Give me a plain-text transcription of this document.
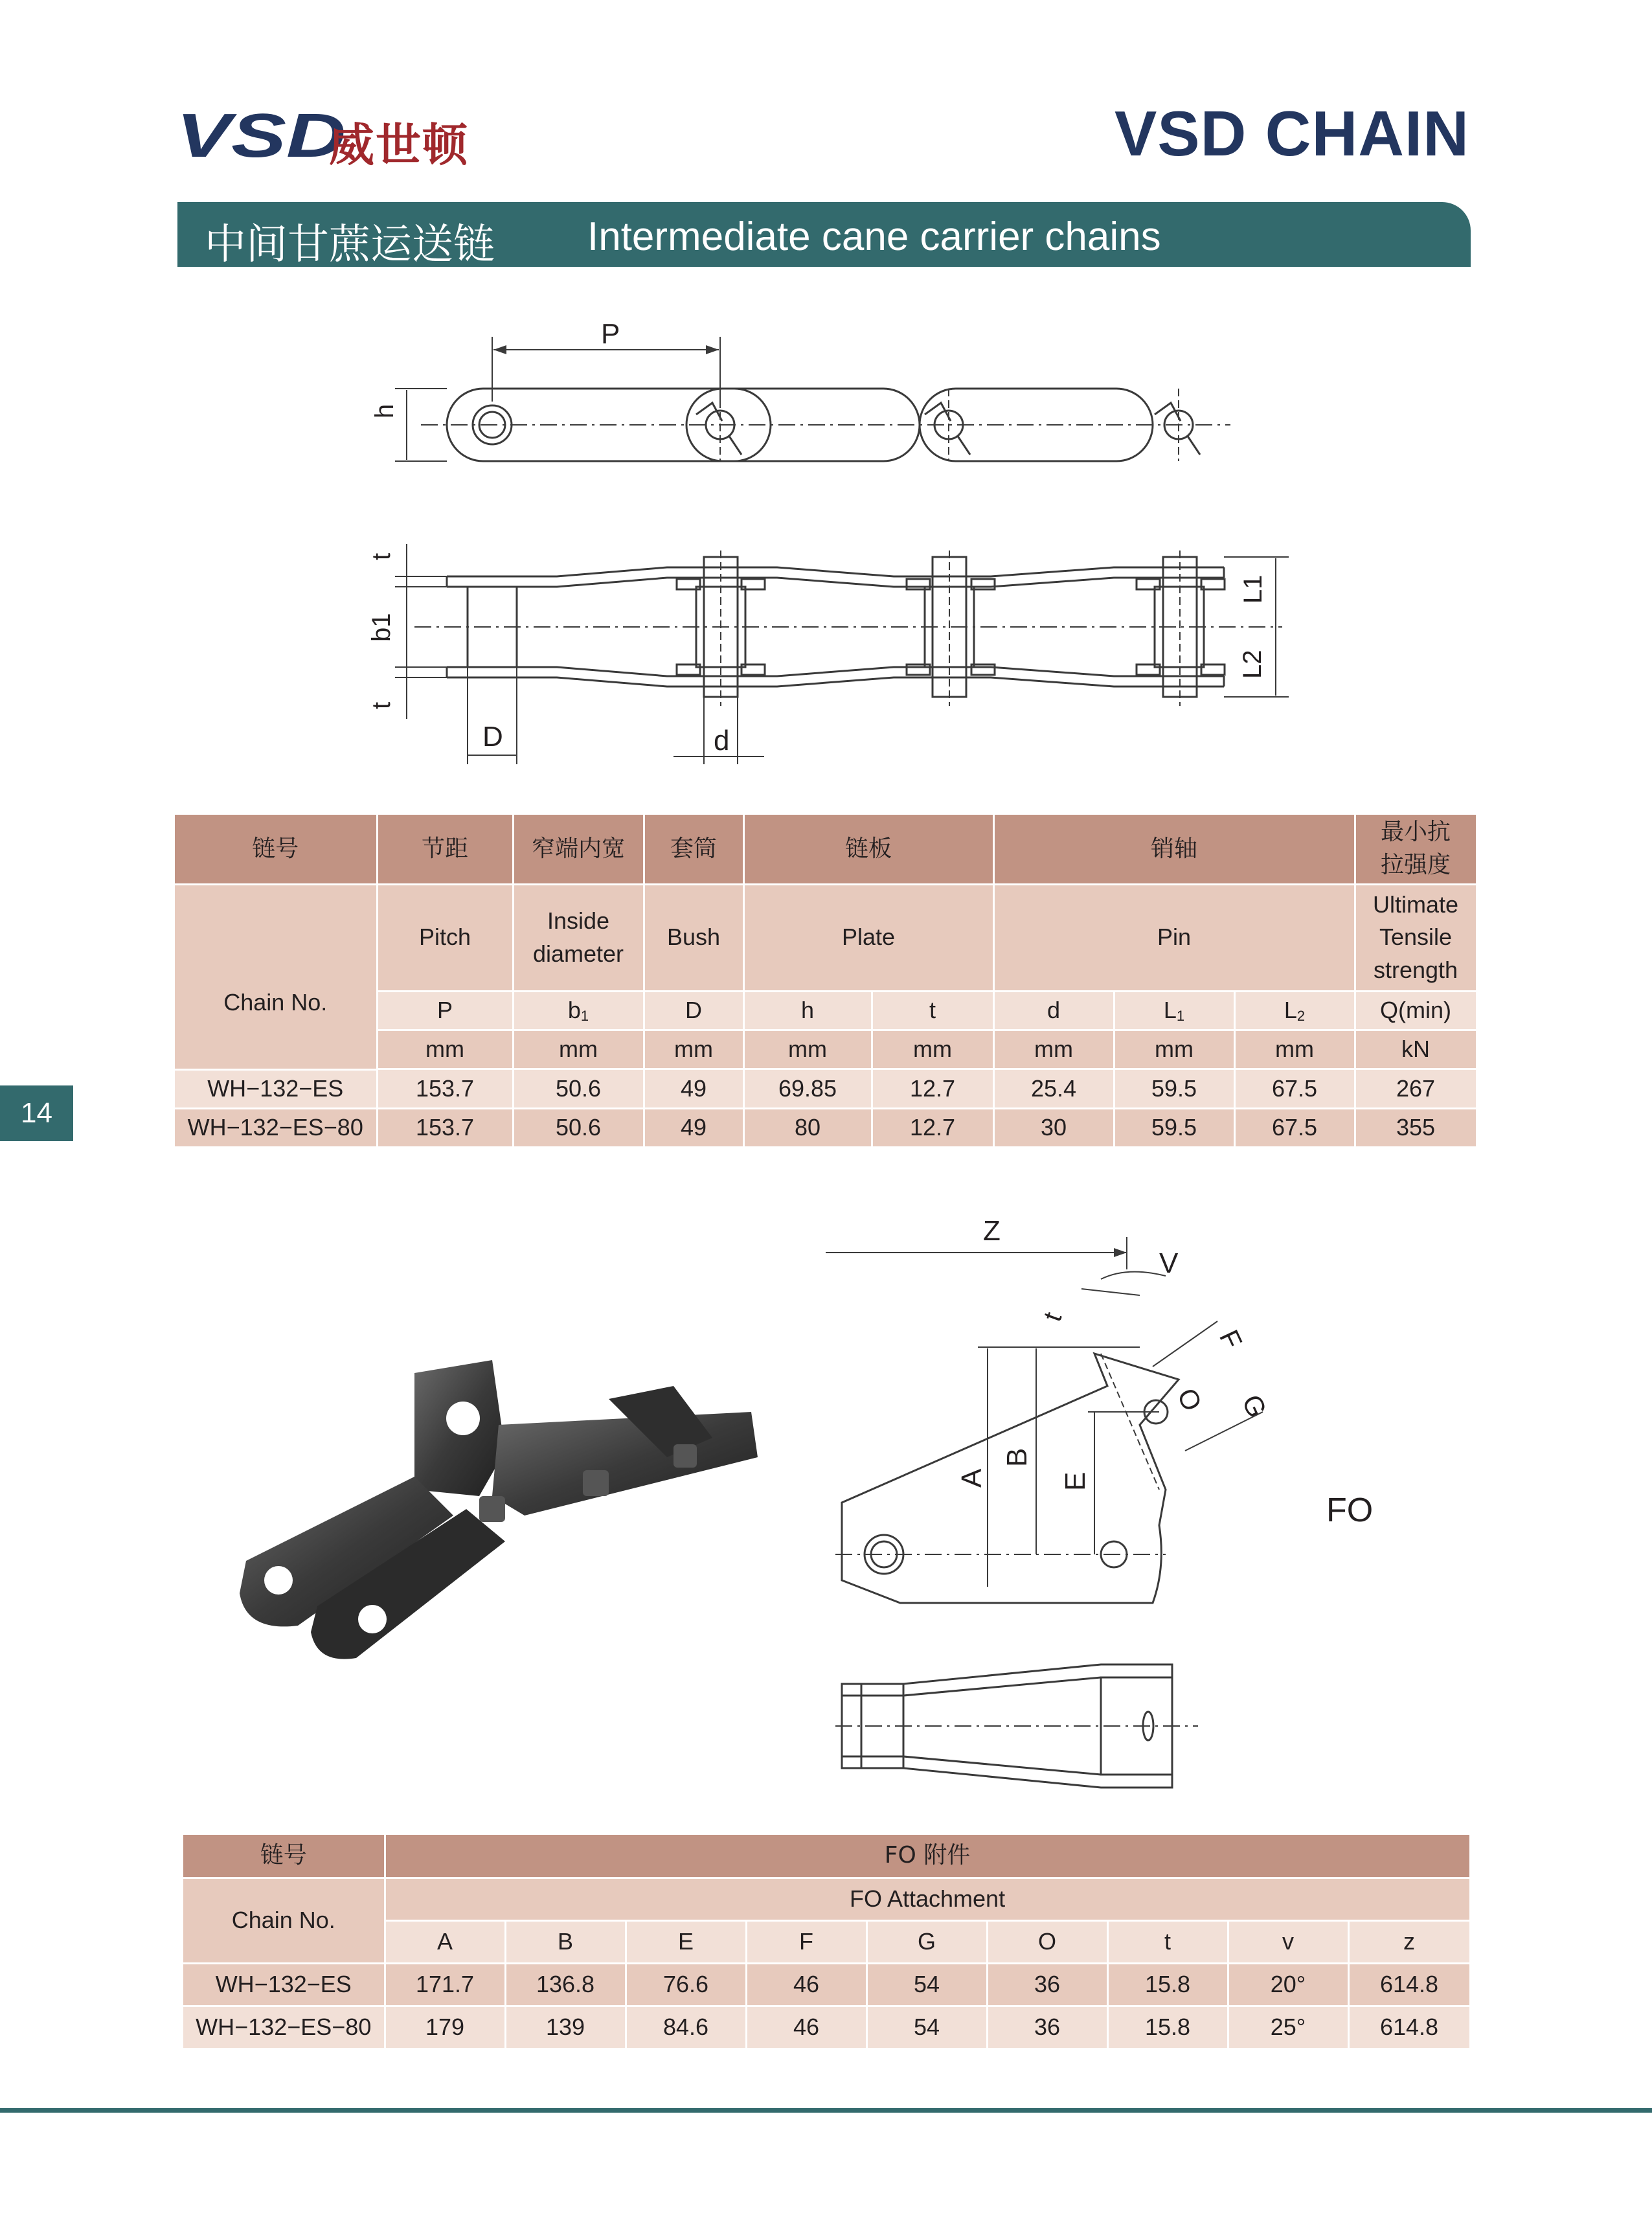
VSD
威世顿	VSD CHAIN
中间甘蔗运送链 Intermediate cane carrier chains
14
P
h
t
b1
t
D	d
L1
L2
链号	节距	窄端内宽	套筒	链板		销轴			最小抗拉强度
Chain No.	Pitch	Inside diameter	Bush	Plate		Pin			Ultimate Tensile strength
	P	$b_1$	D	h	t	d	$L_1$	$L_2$	Q(min)
	mm	mm	mm	mm	mm	mm	mm	mm	kN

WH−132−ES	153.7	50.6	49	69.85	12.7	25.4	59.5	67.5	267
WH−132−ES−80	153.7	50.6	49	80	12.7	30	59.5	67.5	355
Z
V
t
A
B
E
F
O G
FO
链号	FO 附件								
Chain No.	FO Attachment								
	A	B	E	F	G	O	t	v	z
WH−132−ES	171.7	136.8	76.6	46	54	36	15.8	20°	614.8
WH−132−ES−80	179	139	84.6	46	54	36	15.8	25°	614.8
